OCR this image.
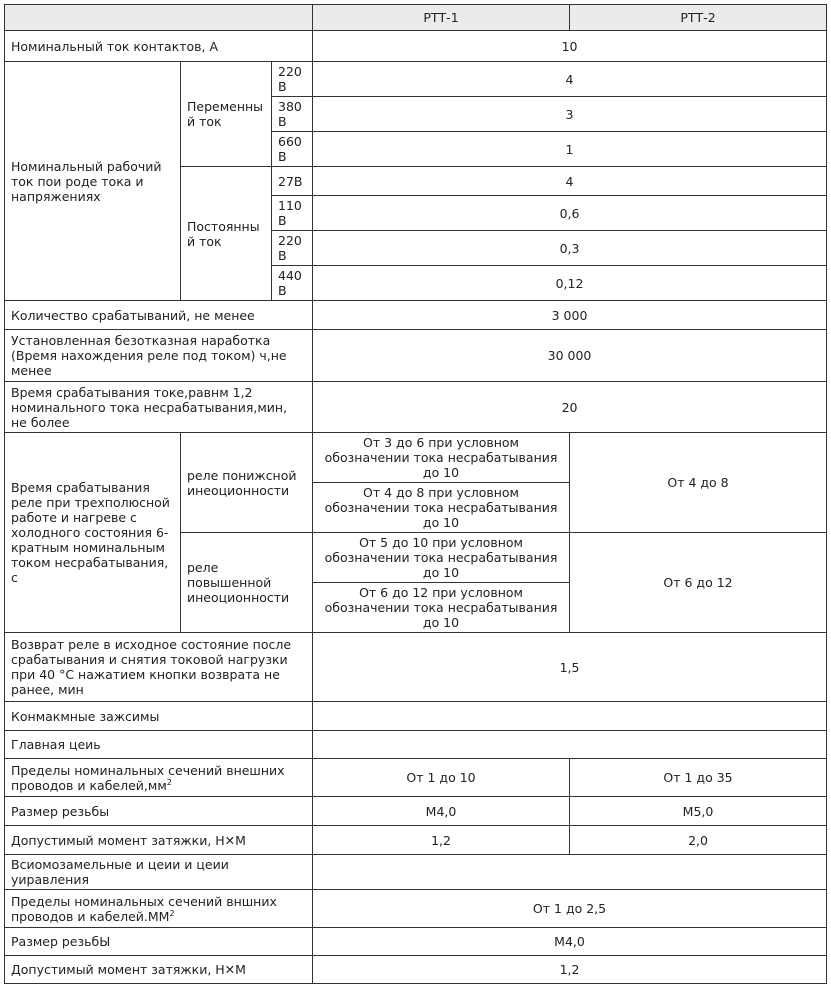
			РТТ-1	РТТ-2
Номинальный ток контактов, А			10	
Номинальный рабочий ток пои роде тока и напряжениях	Переменный ток	220В	4	
		380В	3	
		660В	1	
	Постоянный ток	27В	4	
		110В	0,6	
		220В	0,3	
		440В	0,12	
Количество срабатываний, не менее			3 000	
Установленная безотказная наработка (Время нахождения реле под током) ч,не менее			30 000	
Время срабатывания токе,равнм 1,2 номинального тока несрабатывания,мин, не более			20	
Время срабатывания реле при трехполюсной работе и нагреве с холодного состояния 6-кратным номинальным током несрабатывания, с	реле понижсной инеоционности		От 3 до 6 при условном обозначении тока несрабатывания до 10	От 4 до 8
			От 4 до 8 при условном обозначении тока несрабатывания до 10	
	реле повышенной инеоционности		От 5 до 10 при условном обозначении тока несрабатывания до 10	От 6 до 12
			От 6 до 12 при условном обозначении тока несрабатывания до 10	
Возврат реле в исходное состояние после срабатывания и снятия токовой нагрузки при 40 °С нажатием кнопки возврата не ранее, мин			1,5	
Конмакмные зажсимы				
Главная цеиь				
Пределы номинальных сечений внешних проводов и $кабелей,мм^2$			От 1 до 10	От 1 до 35
Размер резьбы			М4,0	М5,0
Допустимый момент затяжки, Н✕М			1,2	2,0
Всиомозамельные и цеии и цеии уиравления				
Пределы номинальных сечений вншних проводов и $кабелей.ММ^2$			От 1 до 2,5	
Размер резьбЫ			М4,0	
Допустимый момент затяжки, Н✕М			1,2	
